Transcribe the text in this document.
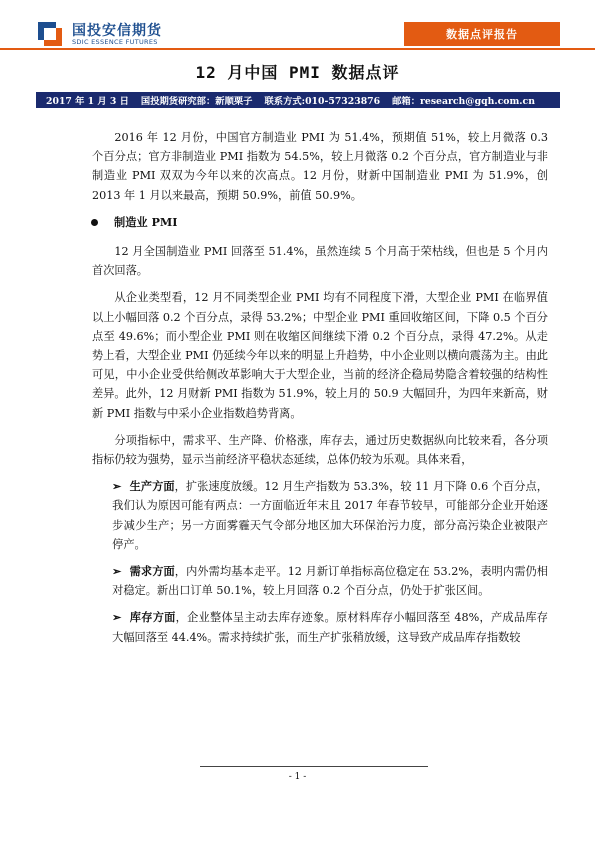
国投安信期货
SDIC ESSENCE FUTURES
数据点评报告
12 月中国 PMI 数据点评
2017 年 1 月 3 日 国投期货研究部：新顺栗子 联系方式:010-57323876 邮箱：research@gqh.com.cn

2016 年 12 月份，中国官方制造业 PMI 为 51.4%，预期值 51%，较上月微落 0.3 个百分点；官方非制造业 PMI 指数为 54.5%，较上月微落 0.2 个百分点，官方制造业与非制造业 PMI 双双为今年以来的次高点。12 月份，财新中国制造业 PMI 为 51.9%，创 2013 年 1 月以来最高，预期 50.9%，前值 50.9%。

制造业 PMI

12 月全国制造业 PMI 回落至 51.4%，虽然连续 5 个月高于荣枯线，但也是 5 个月内首次回落。

从企业类型看，12 月不同类型企业 PMI 均有不同程度下滑，大型企业 PMI 在临界值以上小幅回落 0.2 个百分点，录得 53.2%；中型企业 PMI 重回收缩区间，下降 0.5 个百分点至 49.6%；而小型企业 PMI 则在收缩区间继续下滑 0.2 个百分点，录得 47.2%。从走势上看，大型企业 PMI 仍延续今年以来的明显上升趋势，中小企业则以横向震荡为主。由此可见，中小企业受供给侧改革影响大于大型企业，当前的经济企稳局势隐含着较强的结构性差异。此外，12 月财新 PMI 指数为 51.9%，较上月的 50.9 大幅回升，为四年来新高，财新 PMI 指数与中采小企业指数趋势背离。

分项指标中，需求平、生产降、价格涨，库存去，通过历史数据纵向比较来看，各分项指标仍较为强势，显示当前经济平稳状态延续，总体仍较为乐观。具体来看，

➢ 生产方面，扩张速度放缓。12 月生产指数为 53.3%，较 11 月下降 0.6 个百分点，我们认为原因可能有两点：一方面临近年末且 2017 年春节较早，可能部分企业开始逐步减少生产；另一方面雾霾天气令部分地区加大环保治污力度，部分高污染企业被限产停产。

➢ 需求方面，内外需均基本走平。12 月新订单指标高位稳定在 53.2%，表明内需仍相对稳定。新出口订单 50.1%，较上月回落 0.2 个百分点，仍处于扩张区间。

➢ 库存方面，企业整体呈主动去库存迹象。原材料库存小幅回落至 48%，产成品库存大幅回落至 44.4%。需求持续扩张，而生产扩张稍放缓，这导致产成品库存指数较

- 1 -
